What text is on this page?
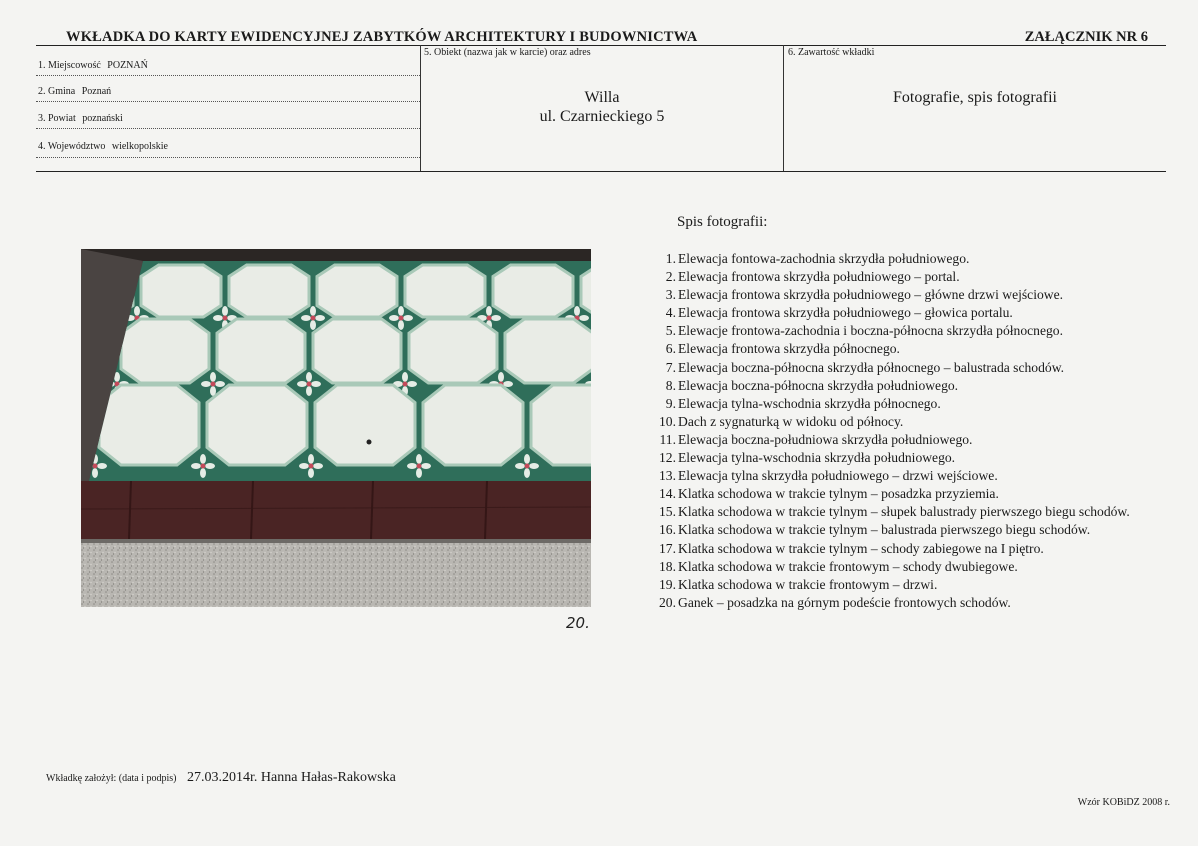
WKŁADKA DO KARTY EWIDENCYJNEJ ZABYTKÓW ARCHITEKTURY I BUDOWNICTWA	ZAŁĄCZNIK NR 6
1. Miejscowość POZNAŃ
2. Gmina Poznań
3. Powiat poznański
4. Województwo wielkopolskie
5. Obiekt (nazwa jak w karcie) oraz adres
Willa
ul. Czarnieckiego 5
6. Zawartość wkładki
Fotografie, spis fotografii
20.
Spis fotografii:
1. Elewacja fontowa-zachodnia skrzydła południowego.
2. Elewacja frontowa skrzydła południowego – portal.
3. Elewacja frontowa skrzydła południowego – główne drzwi wejściowe.
4. Elewacja frontowa skrzydła południowego – głowica portalu.
5. Elewacje frontowa-zachodnia i boczna-północna skrzydła północnego.
6. Elewacja frontowa skrzydła północnego.
7. Elewacja boczna-północna skrzydła północnego – balustrada schodów.
8. Elewacja boczna-północna skrzydła południowego.
9. Elewacja tylna-wschodnia skrzydła północnego.
10. Dach z sygnaturką w widoku od północy.
11. Elewacja boczna-południowa skrzydła południowego.
12. Elewacja tylna-wschodnia skrzydła południowego.
13. Elewacja tylna skrzydła południowego – drzwi wejściowe.
14. Klatka schodowa w trakcie tylnym – posadzka przyziemia.
15. Klatka schodowa w trakcie tylnym – słupek balustrady pierwszego biegu schodów.
16. Klatka schodowa w trakcie tylnym – balustrada pierwszego biegu schodów.
17. Klatka schodowa w trakcie tylnym – schody zabiegowe na I piętro.
18. Klatka schodowa w trakcie frontowym – schody dwubiegowe.
19. Klatka schodowa w trakcie frontowym – drzwi.
20. Ganek – posadzka na górnym podeście frontowych schodów.
Wkładkę założył: (data i podpis) 27.03.2014r. Hanna Hałas-Rakowska
Wzór KOBiDZ 2008 r.
